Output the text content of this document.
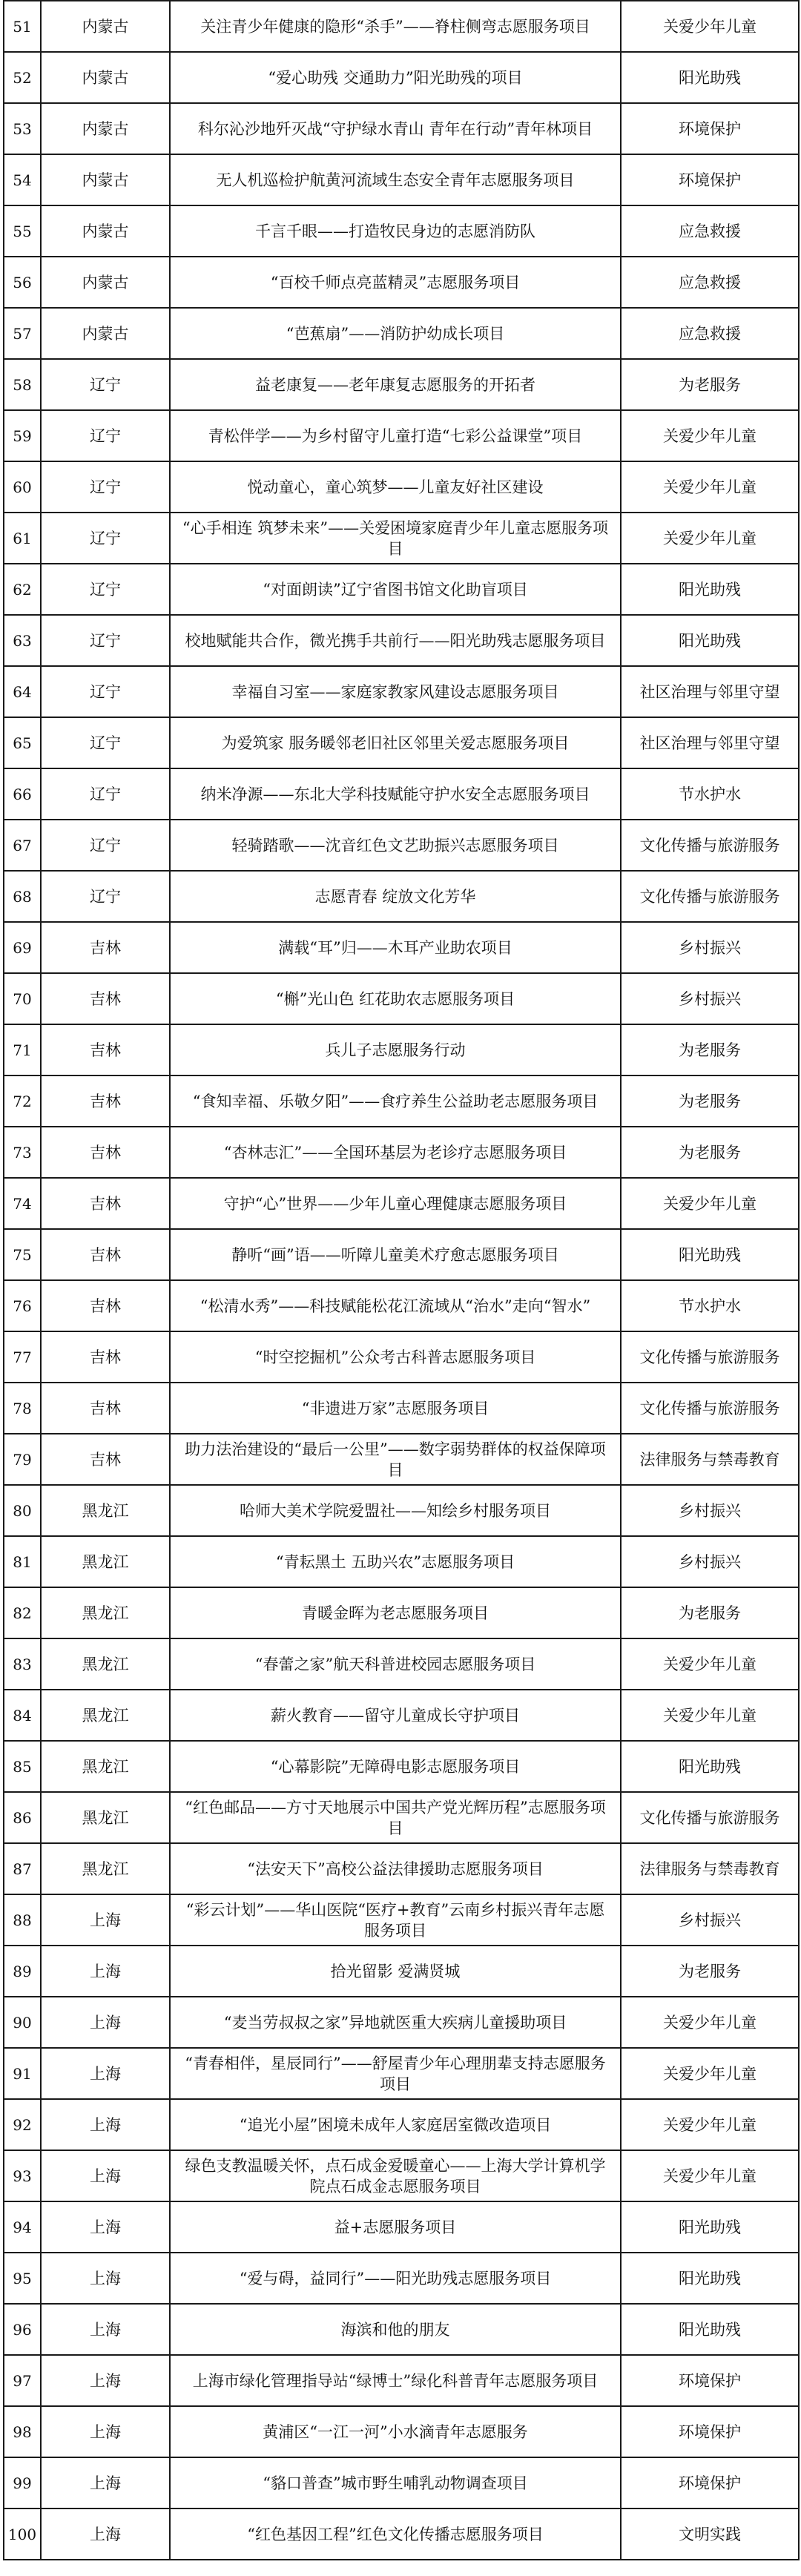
51	内蒙古	关注青少年健康的隐形“杀手”——脊柱侧弯志愿服务项目	关爱少年儿童
52	内蒙古	“爱心助残 交通助力”阳光助残的项目	阳光助残
53	内蒙古	科尔沁沙地歼灭战“守护绿水青山 青年在行动”青年林项目	环境保护
54	内蒙古	无人机巡检护航黄河流域生态安全青年志愿服务项目	环境保护
55	内蒙古	千言千眼——打造牧民身边的志愿消防队	应急救援
56	内蒙古	“百校千师点亮蓝精灵”志愿服务项目	应急救援
57	内蒙古	“芭蕉扇”——消防护幼成长项目	应急救援
58	辽宁	益老康复——老年康复志愿服务的开拓者	为老服务
59	辽宁	青松伴学——为乡村留守儿童打造“七彩公益课堂”项目	关爱少年儿童
60	辽宁	悦动童心，童心筑梦——儿童友好社区建设	关爱少年儿童
61	辽宁	“心手相连 筑梦未来”——关爱困境家庭青少年儿童志愿服务项目	关爱少年儿童
62	辽宁	“对面朗读”辽宁省图书馆文化助盲项目	阳光助残
63	辽宁	校地赋能共合作，微光携手共前行——阳光助残志愿服务项目	阳光助残
64	辽宁	幸福自习室——家庭家教家风建设志愿服务项目	社区治理与邻里守望
65	辽宁	为爱筑家 服务暖邻老旧社区邻里关爱志愿服务项目	社区治理与邻里守望
66	辽宁	纳米净源——东北大学科技赋能守护水安全志愿服务项目	节水护水
67	辽宁	轻骑踏歌——沈音红色文艺助振兴志愿服务项目	文化传播与旅游服务
68	辽宁	志愿青春 绽放文化芳华	文化传播与旅游服务
69	吉林	满载“耳”归——木耳产业助农项目	乡村振兴
70	吉林	“槲”光山色 红花助农志愿服务项目	乡村振兴
71	吉林	兵儿子志愿服务行动	为老服务
72	吉林	“食知幸福、乐敬夕阳”——食疗养生公益助老志愿服务项目	为老服务
73	吉林	“杏林志汇”——全国环基层为老诊疗志愿服务项目	为老服务
74	吉林	守护“心”世界——少年儿童心理健康志愿服务项目	关爱少年儿童
75	吉林	静听“画”语——听障儿童美术疗愈志愿服务项目	阳光助残
76	吉林	“松清水秀”——科技赋能松花江流域从“治水”走向“智水”	节水护水
77	吉林	“时空挖掘机”公众考古科普志愿服务项目	文化传播与旅游服务
78	吉林	“非遗进万家”志愿服务项目	文化传播与旅游服务
79	吉林	助力法治建设的“最后一公里”——数字弱势群体的权益保障项目	法律服务与禁毒教育
80	黑龙江	哈师大美术学院爱盟社——知绘乡村服务项目	乡村振兴
81	黑龙江	“青耘黑土 五助兴农”志愿服务项目	乡村振兴
82	黑龙江	青暖金晖为老志愿服务项目	为老服务
83	黑龙江	“春蕾之家”航天科普进校园志愿服务项目	关爱少年儿童
84	黑龙江	薪火教育——留守儿童成长守护项目	关爱少年儿童
85	黑龙江	“心幕影院”无障碍电影志愿服务项目	阳光助残
86	黑龙江	“红色邮品——方寸天地展示中国共产党光辉历程”志愿服务项目	文化传播与旅游服务
87	黑龙江	“法安天下”高校公益法律援助志愿服务项目	法律服务与禁毒教育
88	上海	“彩云计划”——华山医院“医疗+教育”云南乡村振兴青年志愿服务项目	乡村振兴
89	上海	拾光留影 爱满贤城	为老服务
90	上海	“麦当劳叔叔之家”异地就医重大疾病儿童援助项目	关爱少年儿童
91	上海	“青春相伴，星辰同行”——舒屋青少年心理朋辈支持志愿服务项目	关爱少年儿童
92	上海	“追光小屋”困境未成年人家庭居室微改造项目	关爱少年儿童
93	上海	绿色支教温暖关怀，点石成金爱暖童心——上海大学计算机学院点石成金志愿服务项目	关爱少年儿童
94	上海	益+志愿服务项目	阳光助残
95	上海	“爱与碍，益同行”——阳光助残志愿服务项目	阳光助残
96	上海	海滨和他的朋友	阳光助残
97	上海	上海市绿化管理指导站“绿博士”绿化科普青年志愿服务项目	环境保护
98	上海	黄浦区“一江一河”小水滴青年志愿服务	环境保护
99	上海	“貉口普查”城市野生哺乳动物调查项目	环境保护
100	上海	“红色基因工程”红色文化传播志愿服务项目	文明实践
